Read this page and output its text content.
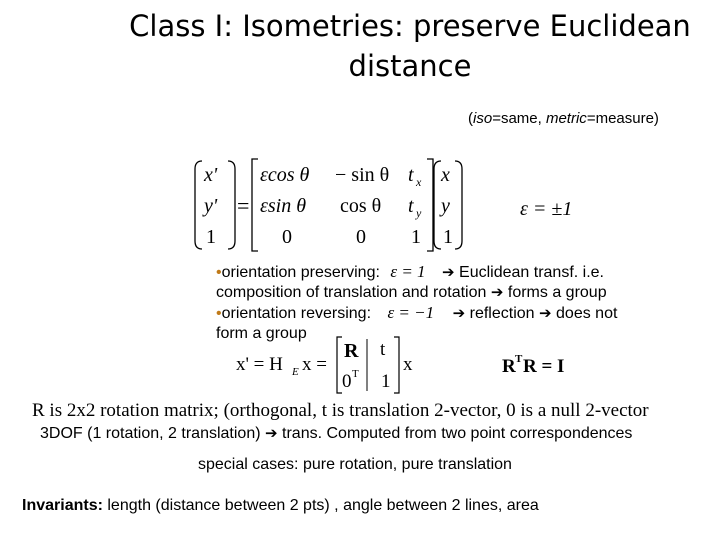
Class I: Isometries: preserve Euclidean
distance
(iso=same, metric=measure)
x'
y'
1
=
εcos θ − sin θ t x
εsin θ cos θ t y
0	0 1
x
y
1
ε = ±1
•orientation preserving: ε = 1 ➔ Euclidean transf. i.e.
composition of translation and rotation ➔ forms a group
•orientation reversing: ε = −1 ➔ reflection ➔ does not
form a group
x' = H E x =
R t
0 T 1
x	R T R = I
R is 2x2 rotation matrix; (orthogonal, t is translation 2-vector, 0 is a null 2-vector
3DOF (1 rotation, 2 translation) ➔ trans. Computed from two point correspondences
special cases: pure rotation, pure translation
Invariants: length (distance between 2 pts) , angle between 2 lines, area
